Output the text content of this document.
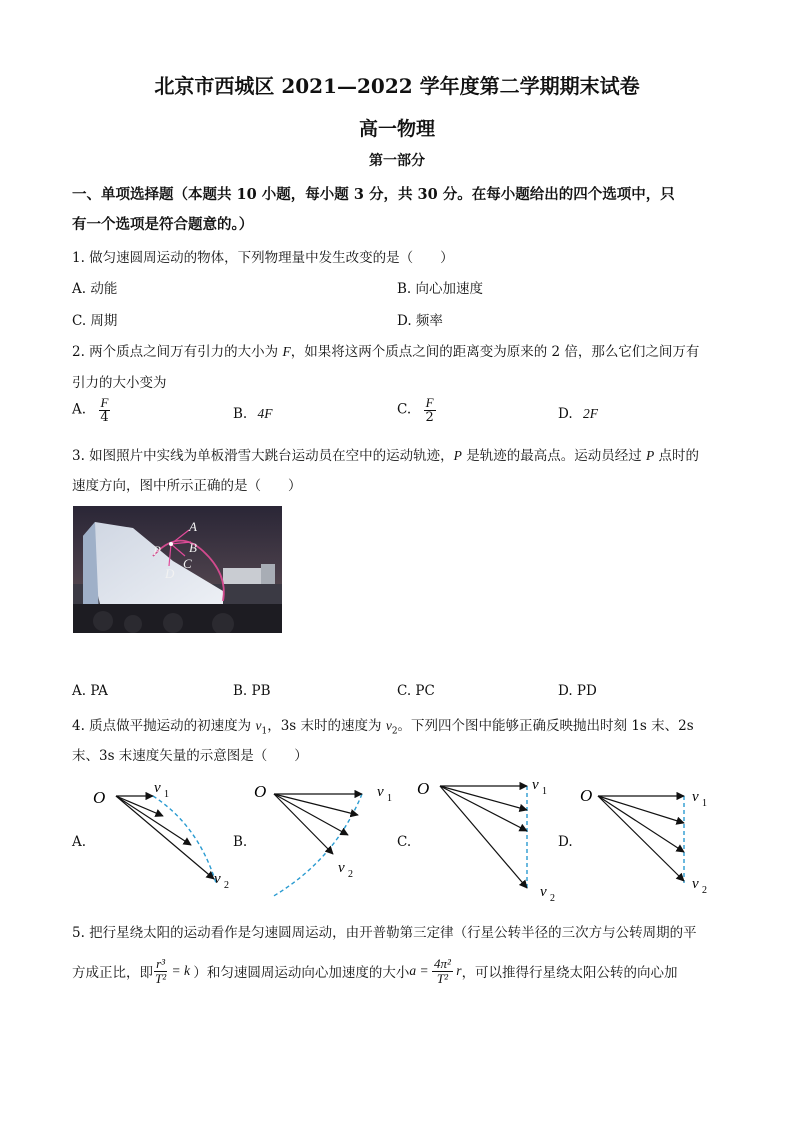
北京市西城区 2021—2022 学年度第二学期期末试卷
高一物理
第一部分
一、单项选择题（本题共 10 小题，每小题 3 分，共 30 分。在每小题给出的四个选项中，只
有一个选项是符合题意的。）
1. 做匀速圆周运动的物体，下列物理量中发生改变的是（　　）
A. 动能	B. 向心加速度
C. 周期	D. 频率
2. 两个质点之间万有引力的大小为 F，如果将这两个质点之间的距离变为原来的 2 倍，那么它们之间万有
引力的大小变为
A. $\frac{F}{4}$	B. 4F	C. $\frac{F}{2}$	D. 2F
3. 如图照片中实线为单板滑雪大跳台运动员在空中的运动轨迹，P 是轨迹的最高点。运动员经过 P 点时的
速度方向，图中所示正确的是（　　）
A
B
C
D
P
A. PA	B. PB	C. PC	D. PD
4. 质点做平抛运动的初速度为 $v_1$，3s 末时的速度为 $v_2$。下列四个图中能够正确反映抛出时刻 1s 末、2s
末、3s 末速度矢量的示意图是（　　）
A.	B.	C.	D.
O	v 1
v 2
O	v 1
v 2
O	v 1
v 2
O	v 1
v 2
5. 把行星绕太阳的运动看作是匀速圆周运动，由开普勒第三定律（行星公转半径的三次方与公转周期的平
方成正比，即 $\frac{\text{r³}}{\text{T²}} = k$ ）和匀速圆周运动向心加速度的大小 $a = \frac{\text{4π²}}{\text{T²}}$ r ，可以推得行星绕太阳公转的向心加
